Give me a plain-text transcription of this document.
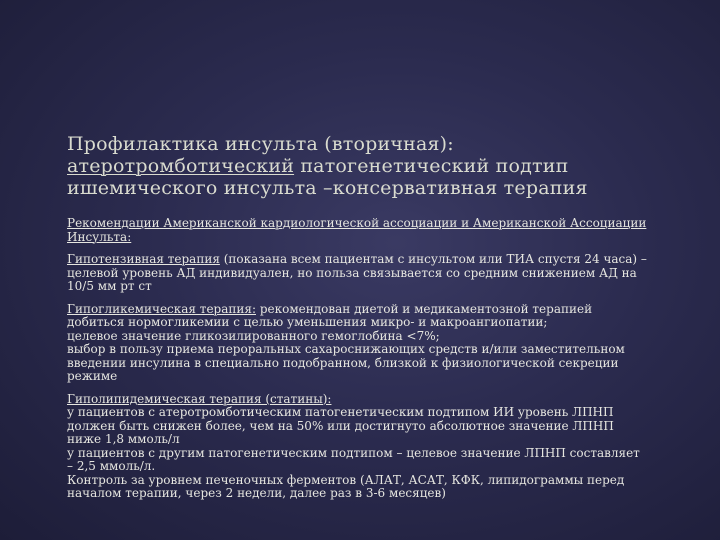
Профилактика инсульта (вторичная):
атеротромботический патогенетический подтип
ишемического инсульта –консервативная терапия

Рекомендации Американской кардиологической ассоциации и Американской Ассоциации Инсульта:

Гипотензивная терапия (показана всем пациентам с инсультом или ТИА спустя 24 часа) – целевой уровень АД индивидуален, но польза связывается со средним снижением АД на 10/5 мм рт ст

Гипогликемическая терапия: рекомендован диетой и медикаментозной терапией добиться нормогликемии с целью уменьшения микро- и макроангиопатии;

целевое значение гликозилированного гемоглобина <7%;

выбор в пользу приема пероральных сахароснижающих средств и/или заместительном введении инсулина в специально подобранном, близкой к физиологической секреции режиме

Гиполипидемическая терапия (статины):

у пациентов с атеротромботическим патогенетическим подтипом ИИ уровень ЛПНП должен быть снижен более, чем на 50% или достигнуто абсолютное значение ЛПНП ниже 1,8 ммоль/л

у пациентов с другим патогенетическим подтипом – целевое значение ЛПНП составляет – 2,5 ммоль/л.

Контроль за уровнем печеночных ферментов (АЛАТ, АСАТ, КФК, липидограммы перед началом терапии, через 2 недели, далее раз в 3-6 месяцев)
